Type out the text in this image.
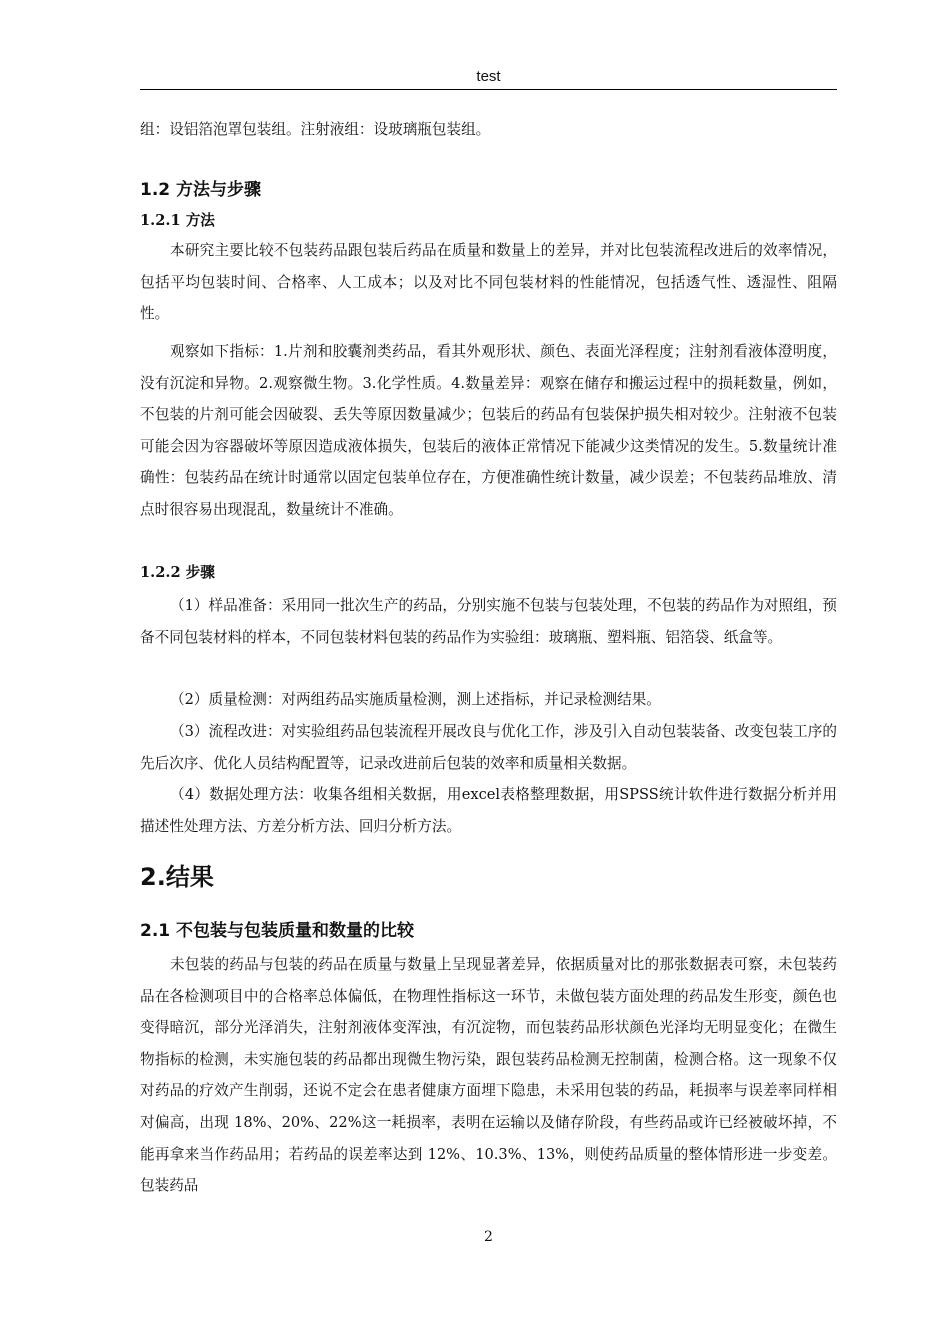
test

组：设铝箔泡罩包装组。注射液组：设玻璃瓶包装组。

1.2 方法与步骤
1.2.1 方法

本研究主要比较不包装药品跟包装后药品在质量和数量上的差异，并对比包装流程改进后的效率情况，包括平均包装时间、合格率、人工成本；以及对比不同包装材料的性能情况，包括透气性、透湿性、阻隔性。

观察如下指标：1.片剂和胶囊剂类药品，看其外观形状、颜色、表面光泽程度；注射剂看液体澄明度，没有沉淀和异物。2.观察微生物。3.化学性质。4.数量差异：观察在储存和搬运过程中的损耗数量，例如，不包装的片剂可能会因破裂、丢失等原因数量减少；包装后的药品有包装保护损失相对较少。注射液不包装可能会因为容器破坏等原因造成液体损失，包装后的液体正常情况下能减少这类情况的发生。5.数量统计准确性：包装药品在统计时通常以固定包装单位存在，方便准确性统计数量，减少误差；不包装药品堆放、清点时很容易出现混乱，数量统计不准确。

1.2.2 步骤

（1）样品准备：采用同一批次生产的药品，分别实施不包装与包装处理，不包装的药品作为对照组，预备不同包装材料的样本，不同包装材料包装的药品作为实验组：玻璃瓶、塑料瓶、铝箔袋、纸盒等。

（2）质量检测：对两组药品实施质量检测，测上述指标，并记录检测结果。

（3）流程改进：对实验组药品包装流程开展改良与优化工作，涉及引入自动包装装备、改变包装工序的先后次序、优化人员结构配置等，记录改进前后包装的效率和质量相关数据。

（4）数据处理方法：收集各组相关数据，用excel表格整理数据，用SPSS统计软件进行数据分析并用描述性处理方法、方差分析方法、回归分析方法。

2.结果
2.1 不包装与包装质量和数量的比较

未包装的药品与包装的药品在质量与数量上呈现显著差异，依据质量对比的那张数据表可察，未包装药品在各检测项目中的合格率总体偏低，在物理性指标这一环节，未做包装方面处理的药品发生形变，颜色也变得暗沉，部分光泽消失，注射剂液体变浑浊，有沉淀物，而包装药品形状颜色光泽均无明显变化；在微生物指标的检测，未实施包装的药品都出现微生物污染，跟包装药品检测无控制菌，检测合格。这一现象不仅对药品的疗效产生削弱，还说不定会在患者健康方面埋下隐患，未采用包装的药品，耗损率与误差率同样相对偏高，出现 18%、20%、22%这一耗损率，表明在运输以及储存阶段，有些药品或许已经被破坏掉，不能再拿来当作药品用；若药品的误差率达到 12%、10.3%、13%，则使药品质量的整体情形进一步变差。包装药品

2
